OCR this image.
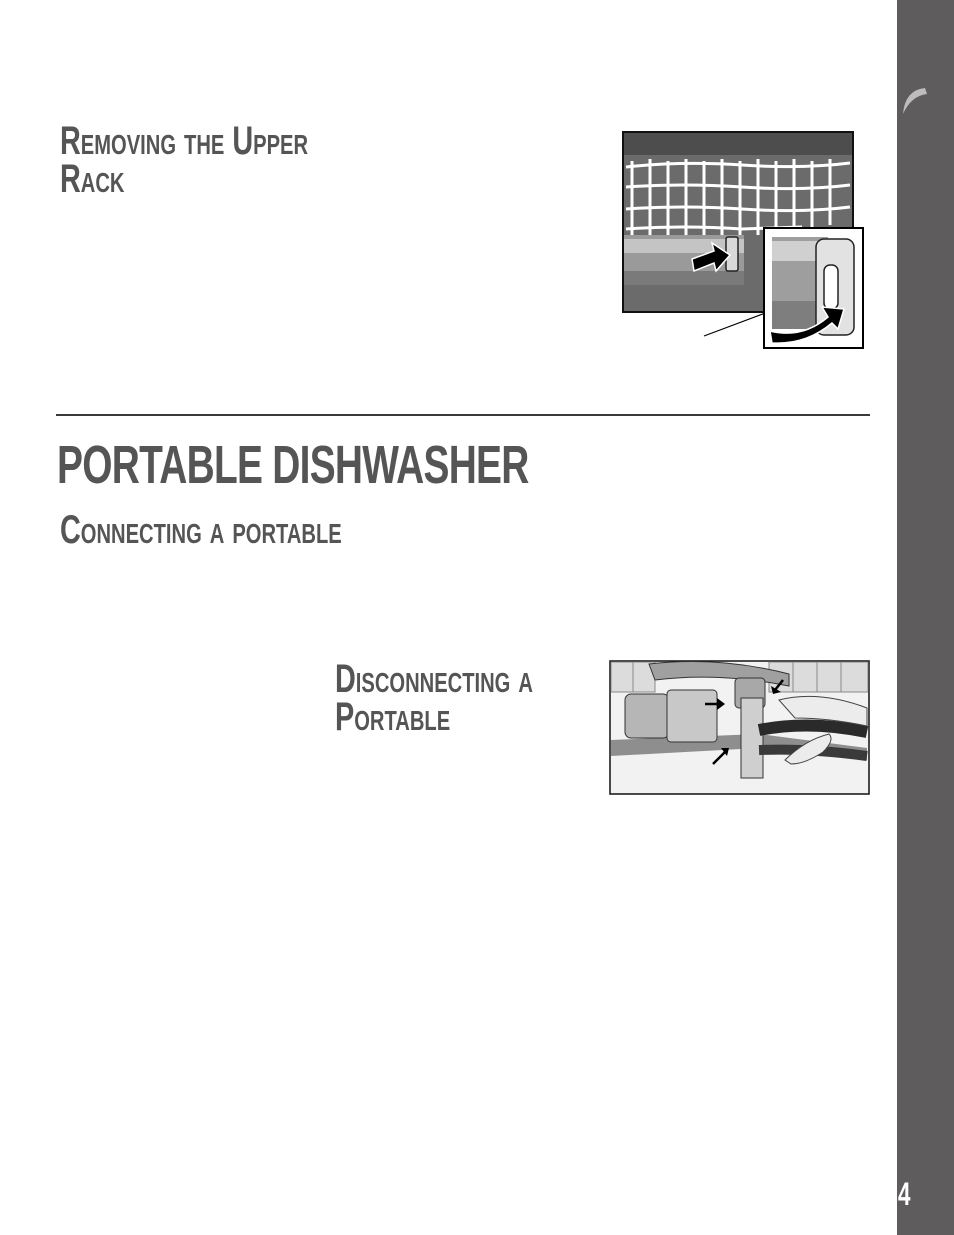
Removing the Upper
Rack
PORTABLE DISHWASHER
Connecting a portable
Disconnecting a
Portable
PORTABLE DISHWASHER
4
